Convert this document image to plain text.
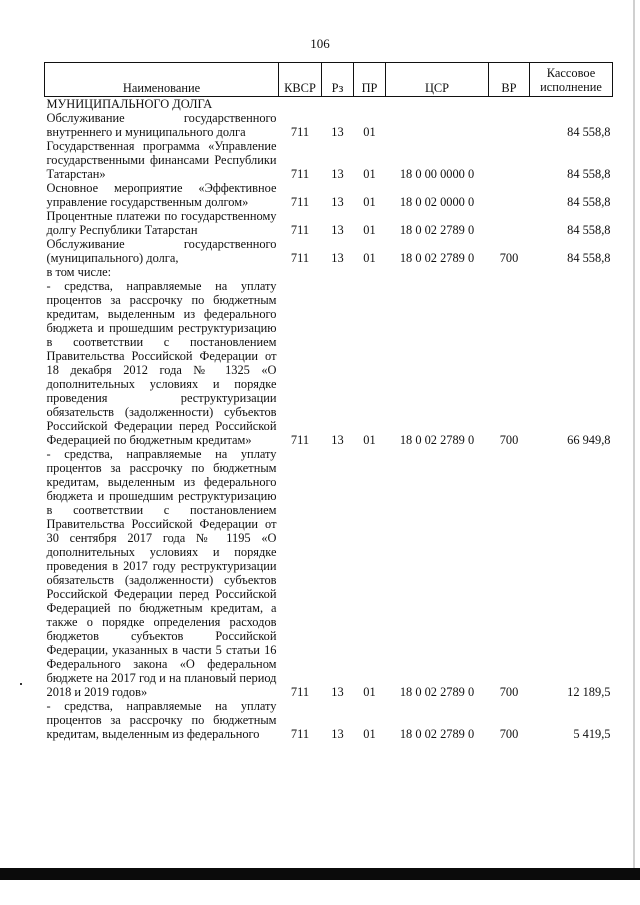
106
Наименование	КВСР	Рз	ПР	ЦСР	ВР	Кассовое исполнение
МУНИЦИПАЛЬНОГО ДОЛГА						
Обслуживание государственного внутреннего и муниципального долга	711	13	01			84 558,8
Государственная программа «Управление государственными финансами Республики Татарстан»	711	13	01	18 0 00 0000 0		84 558,8
Основное мероприятие «Эффективное управление государственным долгом»	711	13	01	18 0 02 0000 0		84 558,8
Процентные платежи по государственному долгу Республики Татарстан	711	13	01	18 0 02 2789 0		84 558,8
Обслуживание государственного (муниципального) долга,	711	13	01	18 0 02 2789 0	700	84 558,8
в том числе:						
- средства, направляемые на уплату процентов за рассрочку по бюджетным кредитам, выделенным из федерального бюджета и прошедшим реструктуризацию в соответствии с постановлением Правительства Российской Федерации от 18 декабря 2012 года № 1325 «О дополнительных условиях и порядке проведения реструктуризации обязательств (задолженности) субъектов Российской Федерации перед Российской Федерацией по бюджетным кредитам»	711	13	01	18 0 02 2789 0	700	66 949,8
- средства, направляемые на уплату процентов за рассрочку по бюджетным кредитам, выделенным из федерального бюджета и прошедшим реструктуризацию в соответствии с постановлением Правительства Российской Федерации от 30 сентября 2017 года № 1195 «О дополнительных условиях и порядке проведения в 2017 году реструктуризации обязательств (задолженности) субъектов Российской Федерации перед Российской Федерацией по бюджетным кредитам, а также о порядке определения расходов бюджетов субъектов Российской Федерации, указанных в части 5 статьи 16 Федерального закона «О федеральном бюджете на 2017 год и на плановый период 2018 и 2019 годов»	711	13	01	18 0 02 2789 0	700	12 189,5
- средства, направляемые на уплату процентов за рассрочку по бюджетным кредитам, выделенным из федерального	711	13	01	18 0 02 2789 0	700	5 419,5
